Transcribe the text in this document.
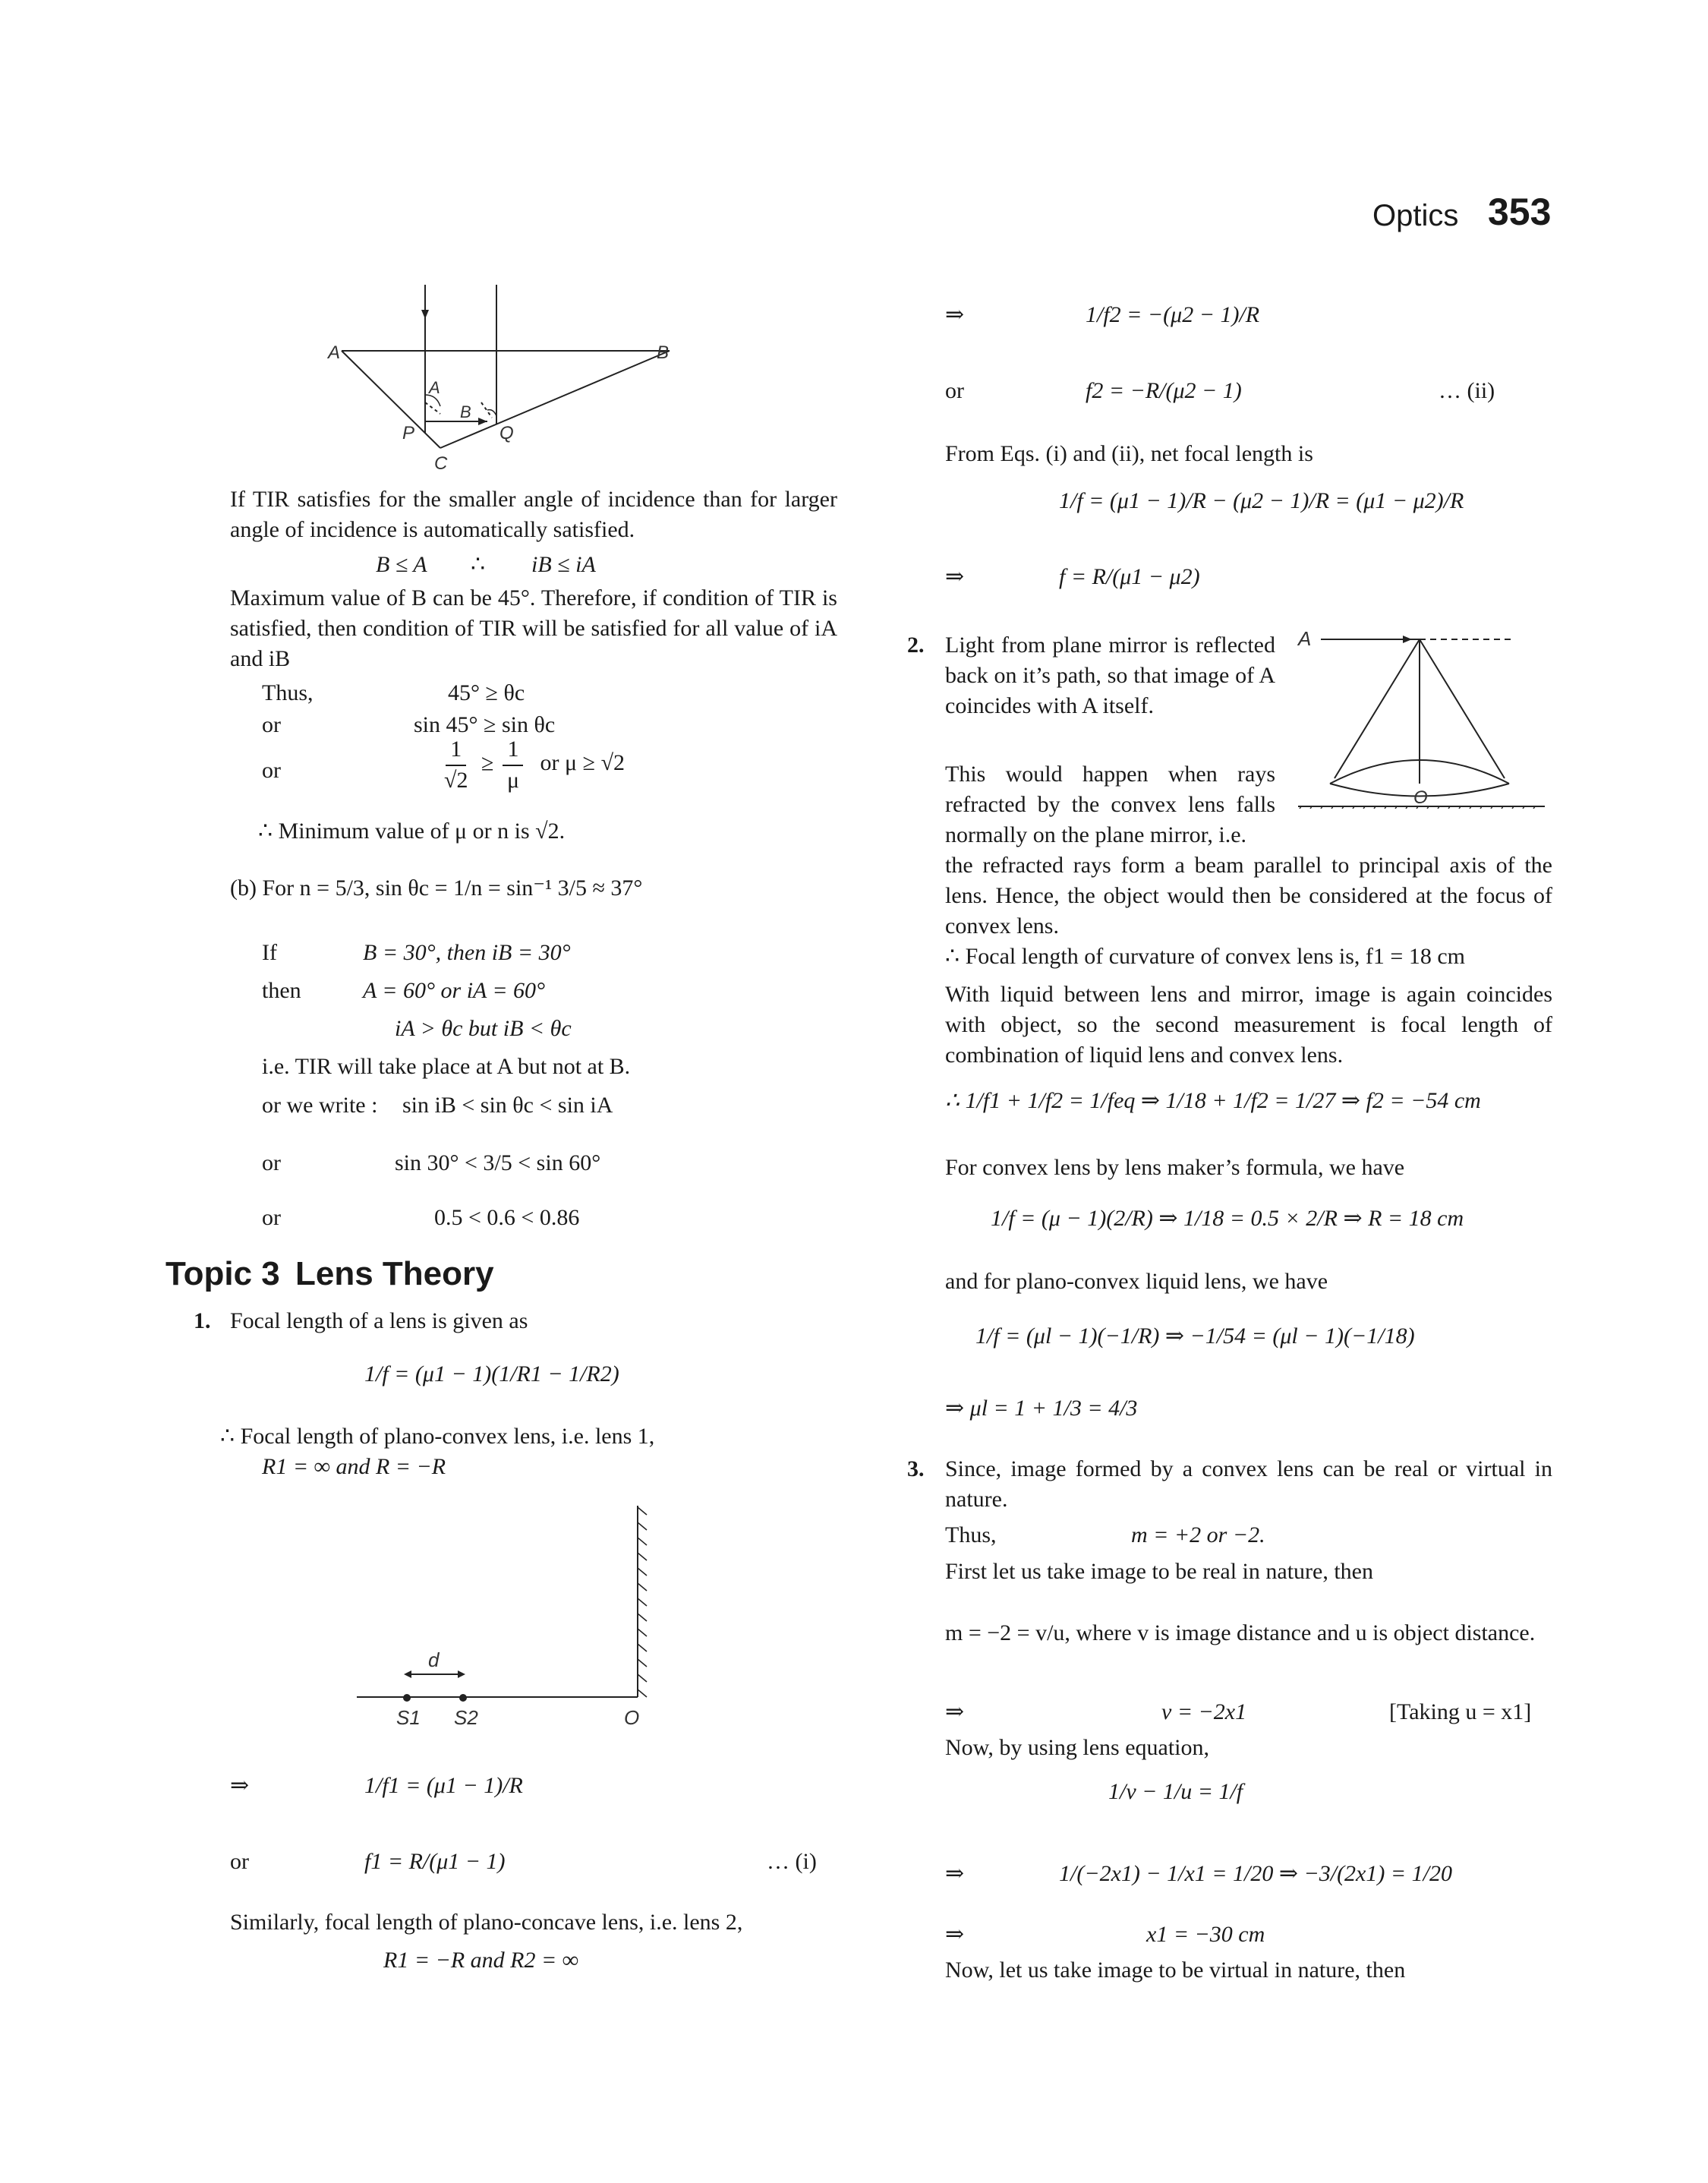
Optics 353
A	B
C
P	Q
A
B
If TIR satisfies for the smaller angle of incidence than for larger angle of incidence is automatically satisfied.
B ≤ A ∴ iB ≤ iA
Maximum value of B can be 45°. Therefore, if condition of TIR is satisfied, then condition of TIR will be satisfied for all value of iA and iB
Thus,	45° ≥ θc
or	sin 45° ≥ sin θc
or	$\frac{1}{√2} \ge \frac{1}{\mu}$ or μ ≥ √2
∴ Minimum value of μ or n is √2.
(b) For n = 5/3, sin θc = 1/n = sin⁻¹ 3/5 ≈ 37°
If	B = 30°, then iB = 30°
then	A = 60° or iA = 60°
iA > θc but iB < θc
i.e. TIR will take place at A but not at B.
or we write : sin iB < sin θc < sin iA
or	sin 30° < 3/5 < sin 60°
or	0.5 < 0.6 < 0.86
Topic 3 Lens Theory
1. Focal length of a lens is given as
1/f = (μ1 − 1)(1/R1 − 1/R2)
∴ Focal length of plano-convex lens, i.e. lens 1,
R1 = ∞ and R = −R
d
S1 S2	O
⇒	1/f1 = (μ1 − 1)/R
or	f1 = R/(μ1 − 1)	… (i)
Similarly, focal length of plano-concave lens, i.e. lens 2,
R1 = −R and R2 = ∞
⇒	1/f2 = −(μ2 − 1)/R
or	f2 = −R/(μ2 − 1)	… (ii)
From Eqs. (i) and (ii), net focal length is
1/f = (μ1 − 1)/R − (μ2 − 1)/R = (μ1 − μ2)/R
⇒	f = R/(μ1 − μ2)
2. Light from plane mirror is reflected back on it’s path, so that image of A coincides with A itself.
This would happen when rays refracted by the convex lens falls normally on the plane mirror, i.e.
A
O
the refracted rays form a beam parallel to principal axis of the lens. Hence, the object would then be considered at the focus of convex lens.
∴ Focal length of curvature of convex lens is, f1 = 18 cm
With liquid between lens and mirror, image is again coincides with object, so the second measurement is focal length of combination of liquid lens and convex lens.
∴ 1/f1 + 1/f2 = 1/feq ⇒ 1/18 + 1/f2 = 1/27 ⇒ f2 = −54 cm
For convex lens by lens maker’s formula, we have
1/f = (μ − 1)(2/R) ⇒ 1/18 = 0.5 × 2/R ⇒ R = 18 cm
and for plano-convex liquid lens, we have
1/f = (μl − 1)(−1/R) ⇒ −1/54 = (μl − 1)(−1/18)
⇒ μl = 1 + 1/3 = 4/3
3. Since, image formed by a convex lens can be real or virtual in nature.
Thus,	m = +2 or −2.
First let us take image to be real in nature, then
m = −2 = v/u, where v is image distance and u is object distance.
⇒	v = −2x1	[Taking u = x1]
Now, by using lens equation,
1/v − 1/u = 1/f
⇒	1/(−2x1) − 1/x1 = 1/20 ⇒ −3/(2x1) = 1/20
⇒	x1 = −30 cm
Now, let us take image to be virtual in nature, then
